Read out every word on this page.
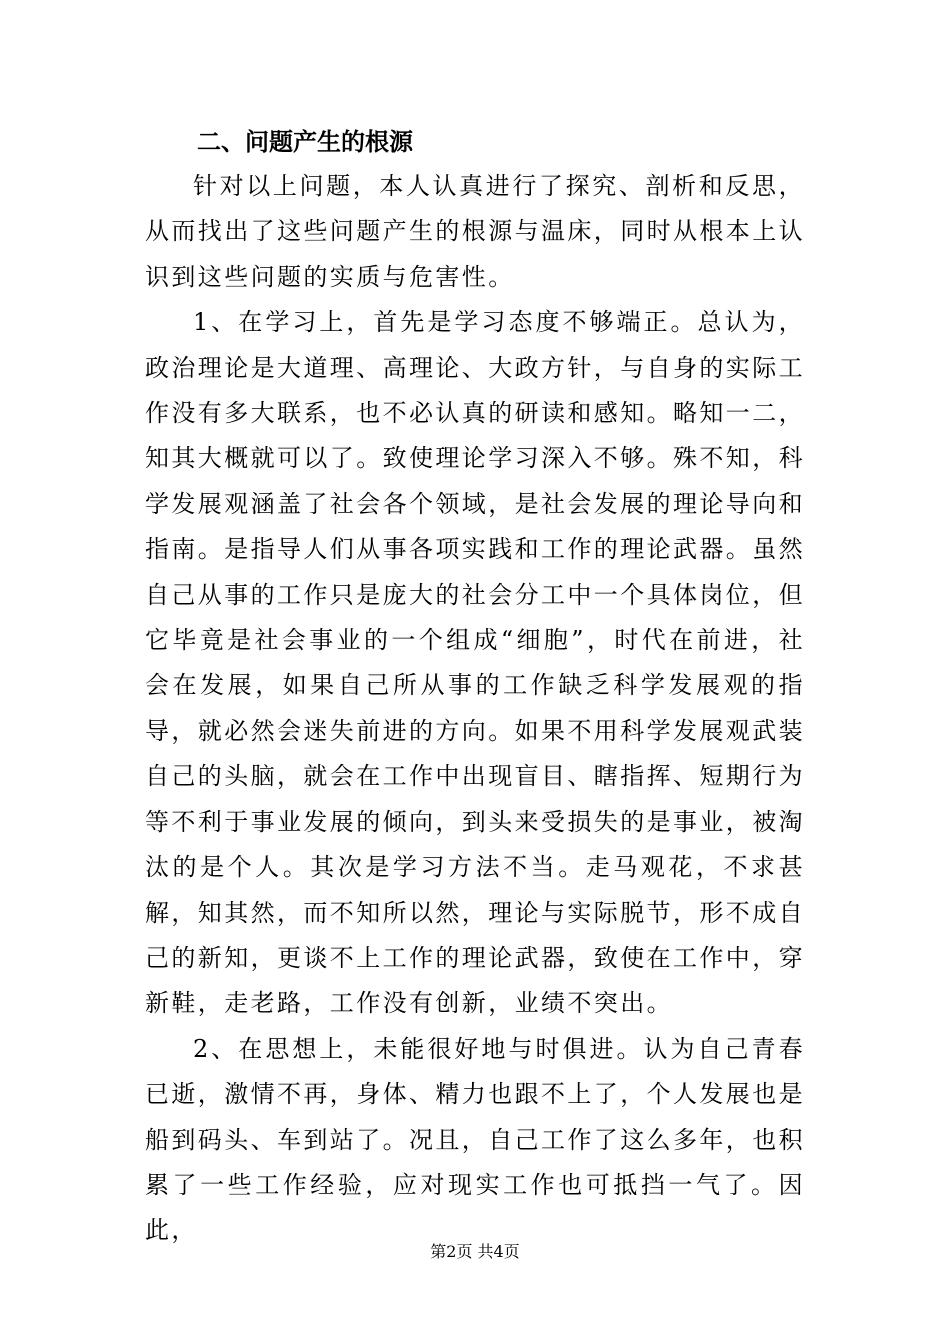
二、问题产生的根源

针对以上问题，本人认真进行了探究、剖析和反思，从而找出了这些问题产生的根源与温床，同时从根本上认识到这些问题的实质与危害性。

1、在学习上，首先是学习态度不够端正。总认为，政治理论是大道理、高理论、大政方针，与自身的实际工作没有多大联系，也不必认真的研读和感知。略知一二，知其大概就可以了。致使理论学习深入不够。殊不知，科学发展观涵盖了社会各个领域，是社会发展的理论导向和指南。是指导人们从事各项实践和工作的理论武器。虽然自己从事的工作只是庞大的社会分工中一个具体岗位，但它毕竟是社会事业的一个组成“细胞”，时代在前进，社会在发展，如果自己所从事的工作缺乏科学发展观的指导，就必然会迷失前进的方向。如果不用科学发展观武装自己的头脑，就会在工作中出现盲目、瞎指挥、短期行为等不利于事业发展的倾向，到头来受损失的是事业，被淘汰的是个人。其次是学习方法不当。走马观花，不求甚解，知其然，而不知所以然，理论与实际脱节，形不成自己的新知，更谈不上工作的理论武器，致使在工作中，穿新鞋，走老路，工作没有创新，业绩不突出。

2、在思想上，未能很好地与时俱进。认为自己青春已逝，激情不再，身体、精力也跟不上了，个人发展也是船到码头、车到站了。况且，自己工作了这么多年，也积累了一些工作经验，应对现实工作也可抵挡一气了。因此，

第2页 共4页
